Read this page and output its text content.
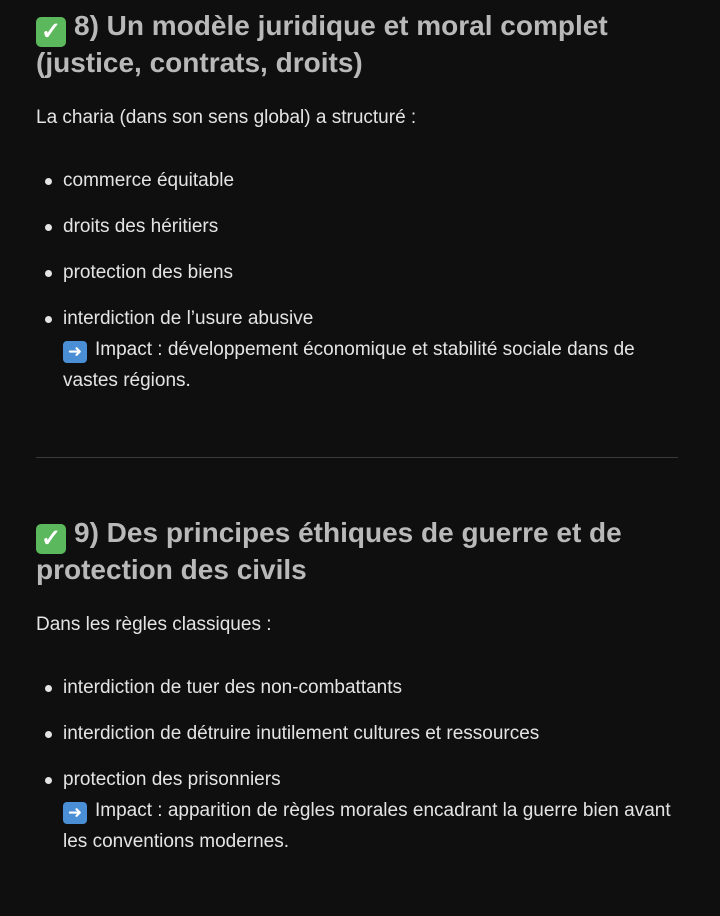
✓ 8) Un modèle juridique et moral complet (justice, contrats, droits)

La charia (dans son sens global) a structuré :

commerce équitable
droits des héritiers
protection des biens
interdiction de l’usure abusive
➜ Impact : développement économique et stabilité sociale dans de vastes régions.
✓ 9) Des principes éthiques de guerre et de protection des civils

Dans les règles classiques :

interdiction de tuer des non-combattants
interdiction de détruire inutilement cultures et ressources
protection des prisonniers
➜ Impact : apparition de règles morales encadrant la guerre bien avant les conventions modernes.
